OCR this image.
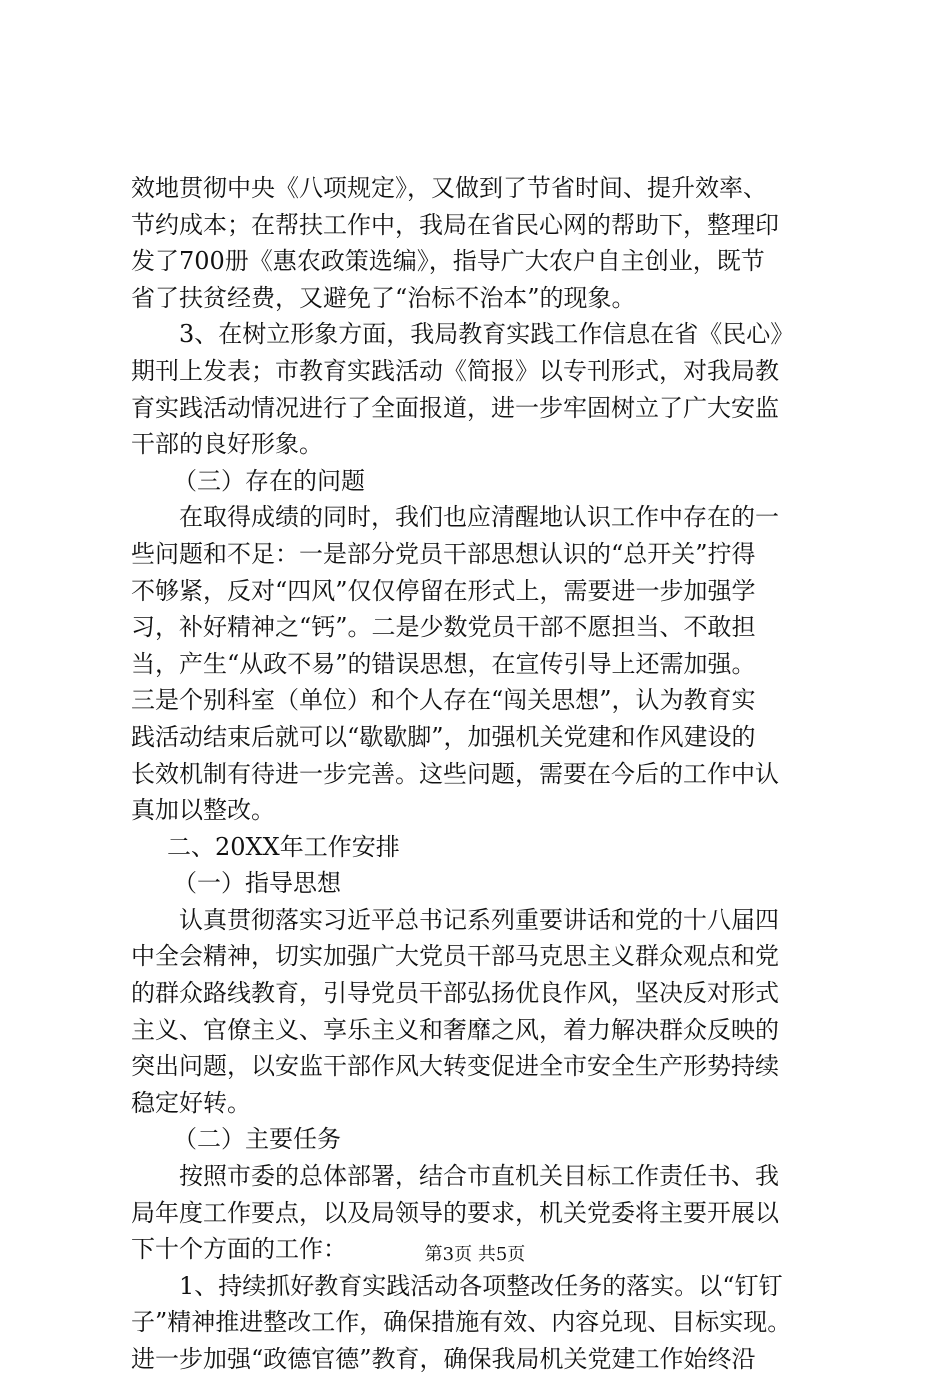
效地贯彻中央《八项规定》，又做到了节省时间、提升效率、
节约成本；在帮扶工作中，我局在省民心网的帮助下，整理印
发了700册《惠农政策选编》，指导广大农户自主创业，既节
省了扶贫经费，又避免了“治标不治本”的现象。
3、在树立形象方面，我局教育实践工作信息在省《民心》
期刊上发表；市教育实践活动《简报》以专刊形式，对我局教
育实践活动情况进行了全面报道，进一步牢固树立了广大安监
干部的良好形象。
（三）存在的问题
在取得成绩的同时，我们也应清醒地认识工作中存在的一
些问题和不足：一是部分党员干部思想认识的“总开关”拧得
不够紧，反对“四风”仅仅停留在形式上，需要进一步加强学
习，补好精神之“钙”。二是少数党员干部不愿担当、不敢担
当，产生“从政不易”的错误思想，在宣传引导上还需加强。
三是个别科室（单位）和个人存在“闯关思想”，认为教育实
践活动结束后就可以“歇歇脚”，加强机关党建和作风建设的
长效机制有待进一步完善。这些问题，需要在今后的工作中认
真加以整改。
二、20XX年工作安排
（一）指导思想
认真贯彻落实习近平总书记系列重要讲话和党的十八届四
中全会精神，切实加强广大党员干部马克思主义群众观点和党
的群众路线教育，引导党员干部弘扬优良作风，坚决反对形式
主义、官僚主义、享乐主义和奢靡之风，着力解决群众反映的
突出问题，以安监干部作风大转变促进全市安全生产形势持续
稳定好转。
（二）主要任务
按照市委的总体部署，结合市直机关目标工作责任书、我
局年度工作要点，以及局领导的要求，机关党委将主要开展以
下十个方面的工作：
1、持续抓好教育实践活动各项整改任务的落实。以“钉钉
子”精神推进整改工作，确保措施有效、内容兑现、目标实现。
进一步加强“政德官德”教育，确保我局机关党建工作始终沿
第3页 共5页
